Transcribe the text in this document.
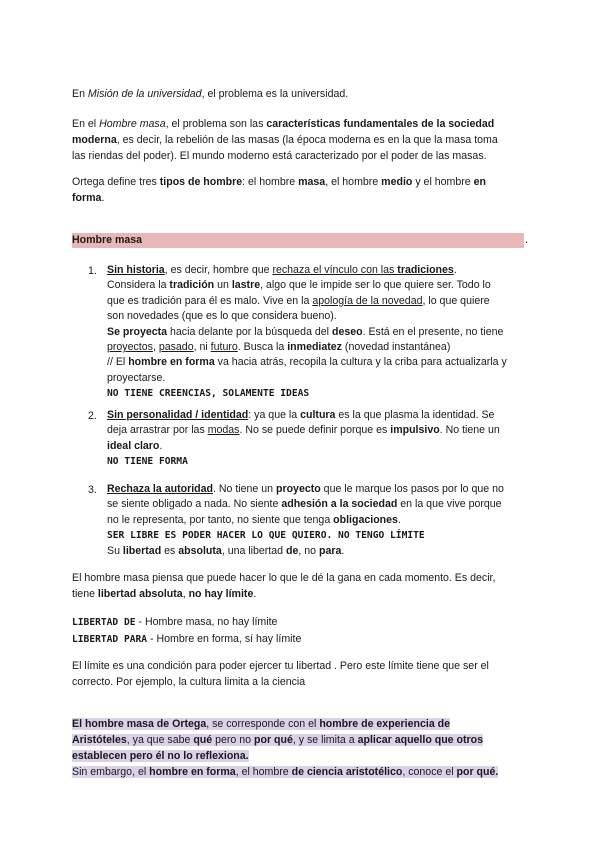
En Misión de la universidad, el problema es la universidad.

En el Hombre masa, el problema son las características fundamentales de la sociedad
moderna, es decir, la rebelión de las masas (la época moderna es en la que la masa toma
las riendas del poder). El mundo moderno está caracterizado por el poder de las masas.

Ortega define tres tipos de hombre: el hombre masa, el hombre medio y el hombre en
forma.

Hombre masa	.
1. Sin historia, es decir, hombre que rechaza el vínculo con las tradiciones.
Considera la tradición un lastre, algo que le impide ser lo que quiere ser. Todo lo
que es tradición para él es malo. Vive en la apología de la novedad, lo que quiere
son novedades (que es lo que considera bueno).
Se proyecta hacia delante por la búsqueda del deseo. Está en el presente, no tiene
proyectos, pasado, ni futuro. Busca la inmediatez (novedad instantánea)
// El hombre en forma va hacia atrás, recopila la cultura y la criba para actualizarla y
proyectarse.
NO TIENE CREENCIAS, SOLAMENTE IDEAS
2. Sin personalidad / identidad: ya que la cultura es la que plasma la identidad. Se
deja arrastrar por las modas. No se puede definir porque es impulsivo. No tiene un
ideal claro.
NO TIENE FORMA
3. Rechaza la autoridad. No tiene un proyecto que le marque los pasos por lo que no
se siente obligado a nada. No siente adhesión a la sociedad en la que vive porque
no le representa, por tanto, no siente que tenga obligaciones.
SER LIBRE ES PODER HACER LO QUE QUIERO. NO TENGO LÍMITE
Su libertad es absoluta, una libertad de, no para.

El hombre masa piensa que puede hacer lo que le dé la gana en cada momento. Es decir,
tiene libertad absoluta, no hay límite.

LIBERTAD DE - Hombre masa, no hay límite
LIBERTAD PARA - Hombre en forma, sí hay límite

El límite es una condición para poder ejercer tu libertad . Pero este límite tiene que ser el
correcto. Por ejemplo, la cultura limita a la ciencia

El hombre masa de Ortega, se corresponde con el hombre de experiencia de
Aristóteles, ya que sabe qué pero no por qué, y se limita a aplicar aquello que otros
establecen pero él no lo reflexiona.
Sin embargo, el hombre en forma, el hombre de ciencia aristotélico, conoce el por qué.
